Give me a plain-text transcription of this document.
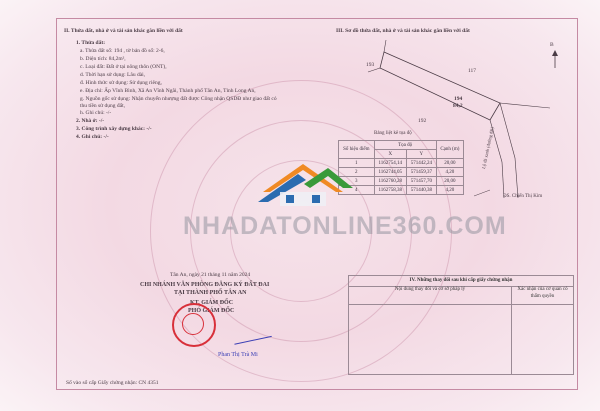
II. Thửa đất, nhà ở và tài sản khác gắn liền với đất
1. Thửa đất:
a. Thửa đất số: 194 , tờ bản đồ số: 2-6,
b. Diện tích: 84,2m²,
c. Loại đất: Đất ở tại nông thôn (ONT),
d. Thời hạn sử dụng: Lâu dài,
đ. Hình thức sử dụng: Sử dụng riêng,
e. Địa chỉ: Ấp Vĩnh Bình, Xã An Vĩnh Ngãi, Thành phố Tân An, Tỉnh Long An,
g. Nguồn gốc sử dụng: Nhận chuyển nhượng đất được Công nhận QSDĐ như giao đất có
thu tiền sử dụng đất,
h. Ghi chú: -/-
2. Nhà ở: -/-
3. Công trình xây dựng khác: -/-
4. Ghi chú: -/-
III. Sơ đồ thửa đất, nhà ở và tài sản khác gắn liền với đất
B
193
117
194
84,2
192
Lộ đá xanh (đường đất)
ĐS. Chiến Thị Kim
Bảng liệt kê tọa độ
Số hiệu điểm	Tọa độ		Cạnh (m)
	X	Y	
1	1162754,14	571442,24	20,00
2	1162744,05	571459,37	4,20
3	1162760,28	571457,70	20,00
4	1162758,38	571440,38	4,20
NHADATONLINE360.COM
Tân An, ngày 21 tháng 11 năm 2024
CHI NHÁNH VĂN PHÒNG ĐĂNG KÝ ĐẤT ĐAI
TẠI THÀNH PHỐ TÂN AN
KT. GIÁM ĐỐC
PHÓ GIÁM ĐỐC
Phan Thị Trà Mi
IV. Những thay đổi sau khi cấp giấy chứng nhận
Nội dung thay đổi và cơ sở pháp lý	Xác nhận của cơ quan có thẩm quyền
Số vào sổ cấp Giấy chứng nhận: CN 4351
